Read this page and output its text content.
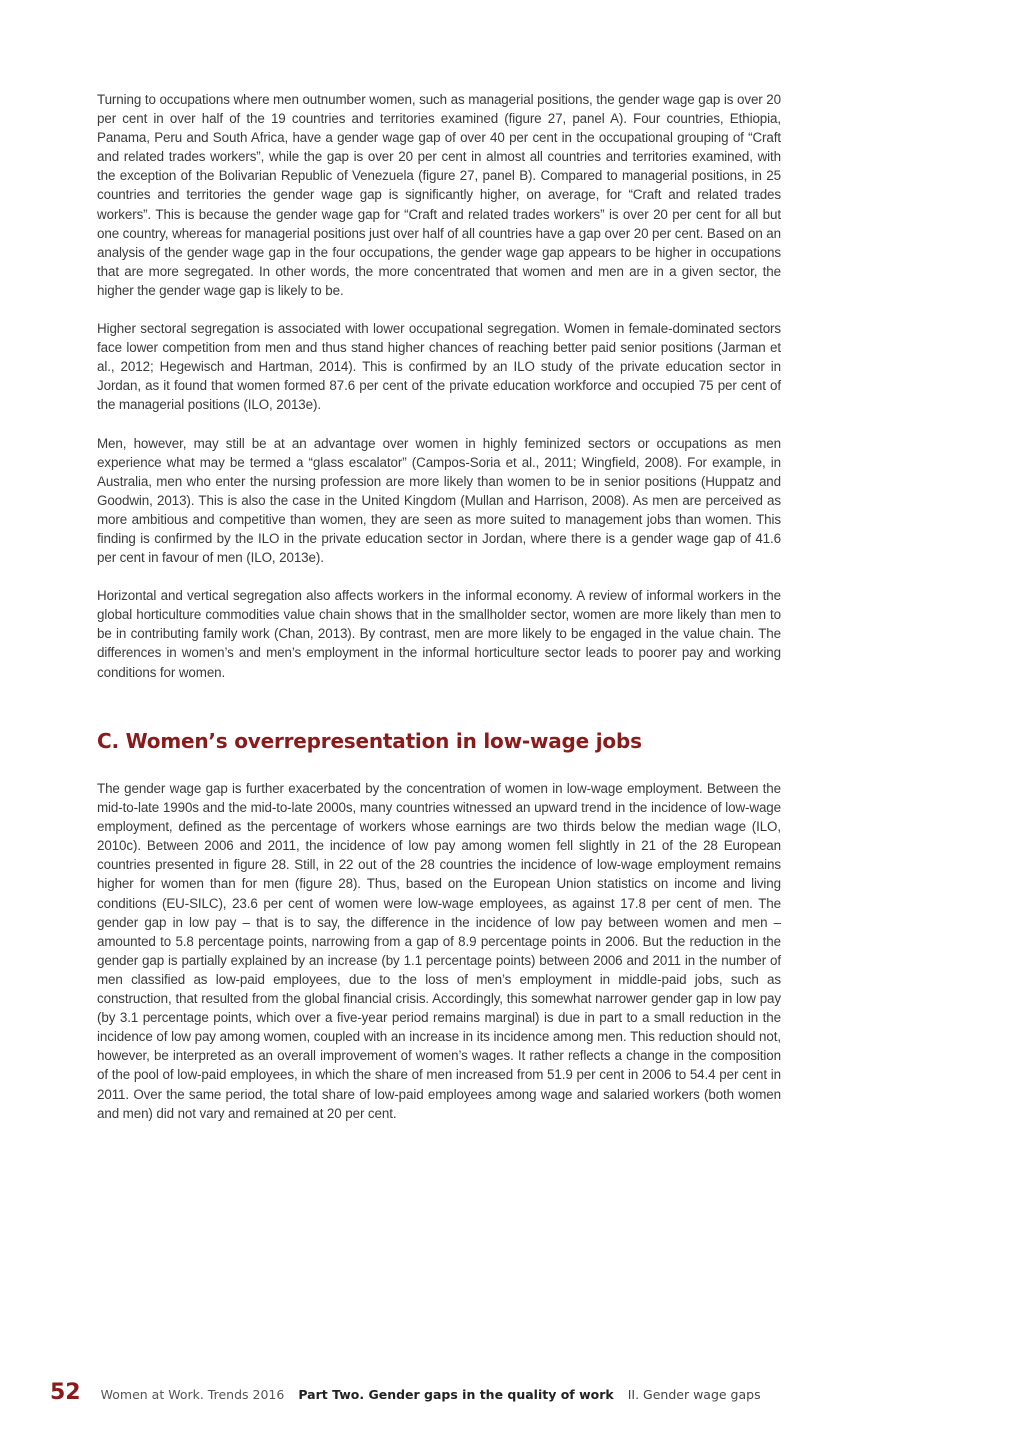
Turning to occupations where men outnumber women, such as managerial positions, the gender wage gap is over 20 per cent in over half of the 19 countries and territories examined (figure 27, panel A). Four countries, Ethiopia, Panama, Peru and South Africa, have a gender wage gap of over 40 per cent in the occupational grouping of “Craft and related trades workers”, while the gap is over 20 per cent in almost all countries and territories examined, with the exception of the Bolivarian Republic of Venezuela (figure 27, panel B). Compared to managerial positions, in 25 countries and territories the gender wage gap is significantly higher, on average, for “Craft and related trades workers”. This is because the gender wage gap for “Craft and related trades workers” is over 20 per cent for all but one country, whereas for managerial positions just over half of all countries have a gap over 20 per cent. Based on an analysis of the gender wage gap in the four occupations, the gender wage gap appears to be higher in occupations that are more segregated. In other words, the more concentrated that women and men are in a given sector, the higher the gender wage gap is likely to be.

Higher sectoral segregation is associated with lower occupational segregation. Women in female-dominated sectors face lower competition from men and thus stand higher chances of reaching better paid senior positions (Jarman et al., 2012; Hegewisch and Hartman, 2014). This is confirmed by an ILO study of the private education sector in Jordan, as it found that women formed 87.6 per cent of the private education workforce and occupied 75 per cent of the managerial positions (ILO, 2013e).

Men, however, may still be at an advantage over women in highly feminized sectors or occupations as men experience what may be termed a “glass escalator” (Campos-Soria et al., 2011; Wingfield, 2008). For example, in Australia, men who enter the nursing profession are more likely than women to be in senior positions (Huppatz and Goodwin, 2013). This is also the case in the United Kingdom (Mullan and Harrison, 2008). As men are perceived as more ambitious and competitive than women, they are seen as more suited to management jobs than women. This finding is confirmed by the ILO in the private education sector in Jordan, where there is a gender wage gap of 41.6 per cent in favour of men (ILO, 2013e).

Horizontal and vertical segregation also affects workers in the informal economy. A review of informal workers in the global horticulture commodities value chain shows that in the smallholder sector, women are more likely than men to be in contributing family work (Chan, 2013). By contrast, men are more likely to be engaged in the value chain. The differences in women’s and men’s employment in the informal horticulture sector leads to poorer pay and working conditions for women.

C. Women’s overrepresentation in low-wage jobs

The gender wage gap is further exacerbated by the concentration of women in low-wage employment. Between the mid-to-late 1990s and the mid-to-late 2000s, many countries witnessed an upward trend in the incidence of low-wage employment, defined as the percentage of workers whose earnings are two thirds below the median wage (ILO, 2010c). Between 2006 and 2011, the incidence of low pay among women fell slightly in 21 of the 28 European countries presented in figure 28. Still, in 22 out of the 28 countries the incidence of low-wage employment remains higher for women than for men (figure 28). Thus, based on the European Union statistics on income and living conditions (EU-SILC), 23.6 per cent of women were low-wage employees, as against 17.8 per cent of men. The gender gap in low pay – that is to say, the difference in the incidence of low pay between women and men – amounted to 5.8 percentage points, narrowing from a gap of 8.9 percentage points in 2006. But the reduction in the gender gap is partially explained by an increase (by 1.1 percentage points) between 2006 and 2011 in the number of men classified as low-paid employees, due to the loss of men’s employment in middle-paid jobs, such as construction, that resulted from the global financial crisis. Accordingly, this somewhat narrower gender gap in low pay (by 3.1 percentage points, which over a five-year period remains marginal) is due in part to a small reduction in the incidence of low pay among women, coupled with an increase in its incidence among men. This reduction should not, however, be interpreted as an overall improvement of women’s wages. It rather reflects a change in the composition of the pool of low-paid employees, in which the share of men increased from 51.9 per cent in 2006 to 54.4 per cent in 2011. Over the same period, the total share of low-paid employees among wage and salaried workers (both women and men) did not vary and remained at 20 per cent.

52 Women at Work. Trends 2016 Part Two. Gender gaps in the quality of work II. Gender wage gaps
